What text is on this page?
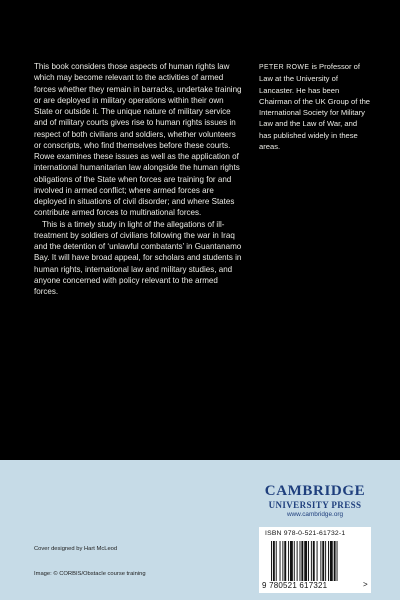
This book considers those aspects of human rights law which may become relevant to the activities of armed forces whether they remain in barracks, undertake training or are deployed in military operations within their own State or outside it. The unique nature of military service and of military courts gives rise to human rights issues in respect of both civilians and soldiers, whether volunteers or conscripts, who find themselves before these courts. Rowe examines these issues as well as the application of international humanitarian law alongside the human rights obligations of the State when forces are training for and involved in armed conflict; where armed forces are deployed in situations of civil disorder; and where States contribute armed forces to multinational forces.

This is a timely study in light of the allegations of ill-treatment by soldiers of civilians following the war in Iraq and the detention of ‘unlawful combatants’ in Guantanamo Bay. It will have broad appeal, for scholars and students in human rights, international law and military studies, and anyone concerned with policy relevant to the armed forces.

PETER ROWE is Professor of Law at the University of Lancaster. He has been Chairman of the UK Group of the International Society for Military Law and the Law of War, and has published widely in these areas.
Cover designed by Hart McLeod
Image: © CORBIS/Obstacle course training
CAMBRIDGE
UNIVERSITY PRESS
www.cambridge.org
ISBN 978-0-521-61732-1
9 780521 617321	>
